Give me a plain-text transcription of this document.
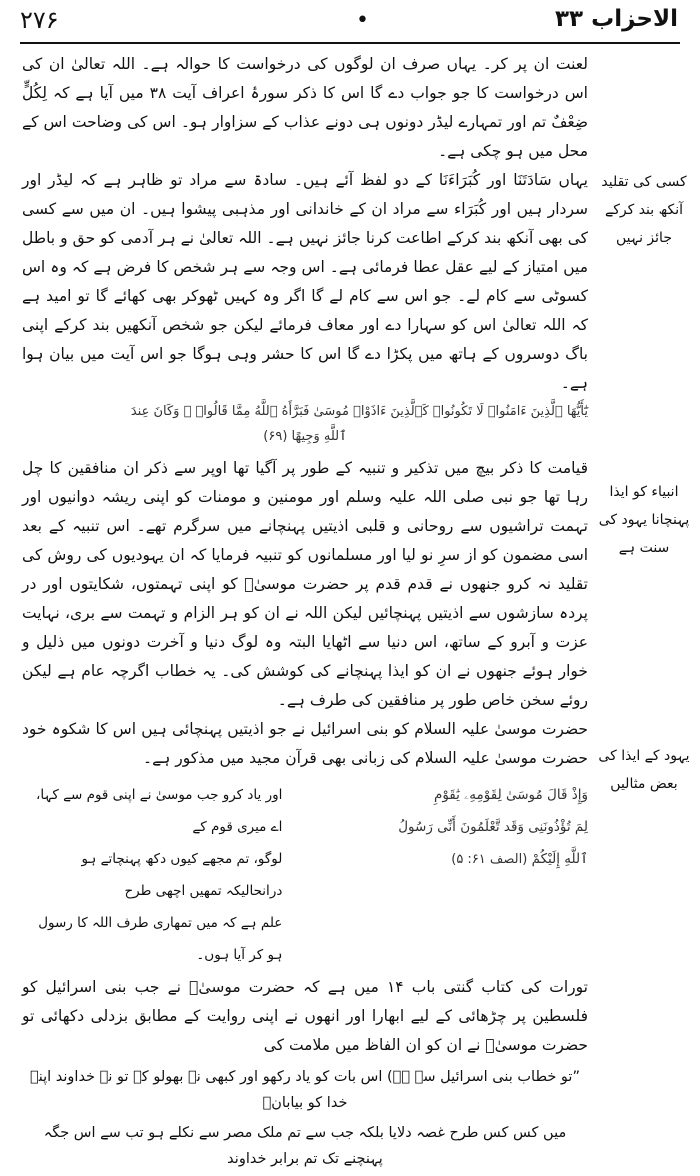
۲۷۶	•	الاحزاب ۳۳
کسی کی تقلید آنکھ بند کرکے جائز نہیں
انبیاء کو ایذا پہنچانا یہود کی سنت ہے
یہود کے ایذا کی بعض مثالیں

لعنت ان پر کر۔ یہاں صرف ان لوگوں کی درخواست کا حوالہ ہے۔ اللہ تعالیٰ ان کی اس درخواست کا جو جواب دے گا اس کا ذکر سورۂ اعراف آیت ۳۸ میں آیا ہے کہ لِکُلٍّ ضِعْفٌ تم اور تمہارے لیڈر دونوں ہی دونے عذاب کے سزاوار ہو۔ اس کی وضاحت اس کے محل میں ہو چکی ہے۔

یہاں سَادَتَنَا اور کُبَرَاءَنَا کے دو لفظ آئے ہیں۔ سادۃ سے مراد تو ظاہر ہے کہ لیڈر اور سردار ہیں اور کُبَرَاء سے مراد ان کے خاندانی اور مذہبی پیشوا ہیں۔ ان میں سے کسی کی بھی آنکھ بند کرکے اطاعت کرنا جائز نہیں ہے۔ اللہ تعالیٰ نے ہر آدمی کو حق و باطل میں امتیاز کے لیے عقل عطا فرمائی ہے۔ اس وجہ سے ہر شخص کا فرض ہے کہ وہ اس کسوٹی سے کام لے۔ جو اس سے کام لے گا اگر وہ کہیں ٹھوکر بھی کھائے گا تو امید ہے کہ اللہ تعالیٰ اس کو سہارا دے اور معاف فرمائے لیکن جو شخص آنکھیں بند کرکے اپنی باگ دوسروں کے ہاتھ میں پکڑا دے گا اس کا حشر وہی ہوگا جو اس آیت میں بیان ہوا ہے۔

يَٰٓأَيُّهَا ٱلَّذِينَ ءَامَنُوا۟ لَا تَكُونُوا۟ كَٱلَّذِينَ ءَاذَوْا۟ مُوسَىٰ فَبَرَّأَهُ ٱللَّهُ مِمَّا قَالُوا۟ ۚ وَكَانَ عِندَ
ٱللَّهِ وَجِيهًا (۶۹)

قیامت کا ذکر بیچ میں تذکیر و تنبیہ کے طور پر آگیا تھا اوپر سے ذکر ان منافقین کا چل رہا تھا جو نبی صلی اللہ علیہ وسلم اور مومنین و مومنات کو اپنی ریشہ دوانیوں اور تہمت تراشیوں سے روحانی و قلبی اذیتیں پہنچانے میں سرگرم تھے۔ اس تنبیہ کے بعد اسی مضمون کو از سرِ نو لیا اور مسلمانوں کو تنبیہ فرمایا کہ ان یہودیوں کی روش کی تقلید نہ کرو جنھوں نے قدم قدم پر حضرت موسیٰؑ کو اپنی تہمتوں، شکایتوں اور در پردہ سازشوں سے اذیتیں پہنچائیں لیکن اللہ نے ان کو ہر الزام و تہمت سے بری، نہایت عزت و آبرو کے ساتھ، اس دنیا سے اٹھایا البتہ وہ لوگ دنیا و آخرت دونوں میں ذلیل و خوار ہوئے جنھوں نے ان کو ایذا پہنچانے کی کوشش کی۔ یہ خطاب اگرچہ عام ہے لیکن روئے سخن خاص طور پر منافقین کی طرف ہے۔

حضرت موسیٰ علیہ السلام کو بنی اسرائیل نے جو اذیتیں پہنچائی ہیں اس کا شکوہ خود حضرت موسیٰ علیہ السلام کی زبانی بھی قرآن مجید میں مذکور ہے۔

وَإِذْ قَالَ مُوسَىٰ لِقَوْمِهِۦ يَٰقَوْمِ
لِمَ تُؤْذُونَنِى وَقَد تَّعْلَمُونَ أَنِّى رَسُولُ
ٱللَّهِ إِلَيْكُمْ (الصف ۶۱: ۵)
اور یاد کرو جب موسیٰ نے اپنی قوم سے کہا، اے میری قوم کے
لوگو، تم مجھے کیوں دکھ پہنچاتے ہو درانحالیکہ تمھیں اچھی طرح
علم ہے کہ میں تمھاری طرف اللہ کا رسول ہو کر آیا ہوں۔

تورات کی کتاب گنتی باب ۱۴ میں ہے کہ حضرت موسیٰؑ نے جب بنی اسرائیل کو فلسطین پر چڑھائی کے لیے ابھارا اور انھوں نے اپنی روایت کے مطابق بزدلی دکھائی تو حضرت موسیٰؑ نے ان کو ان الفاظ میں ملامت کی

”تو خطاب بنی اسرائیل سے ہے) اس بات کو یاد رکھو اور کبھی نہ بھولو کہ تو نے خداوند اپنے خدا کو بیابانؑ
میں کس کس طرح غصہ دلایا بلکہ جب سے تم ملک مصر سے نکلے ہو تب سے اس جگہ پہنچنے تک تم برابر خداوند
